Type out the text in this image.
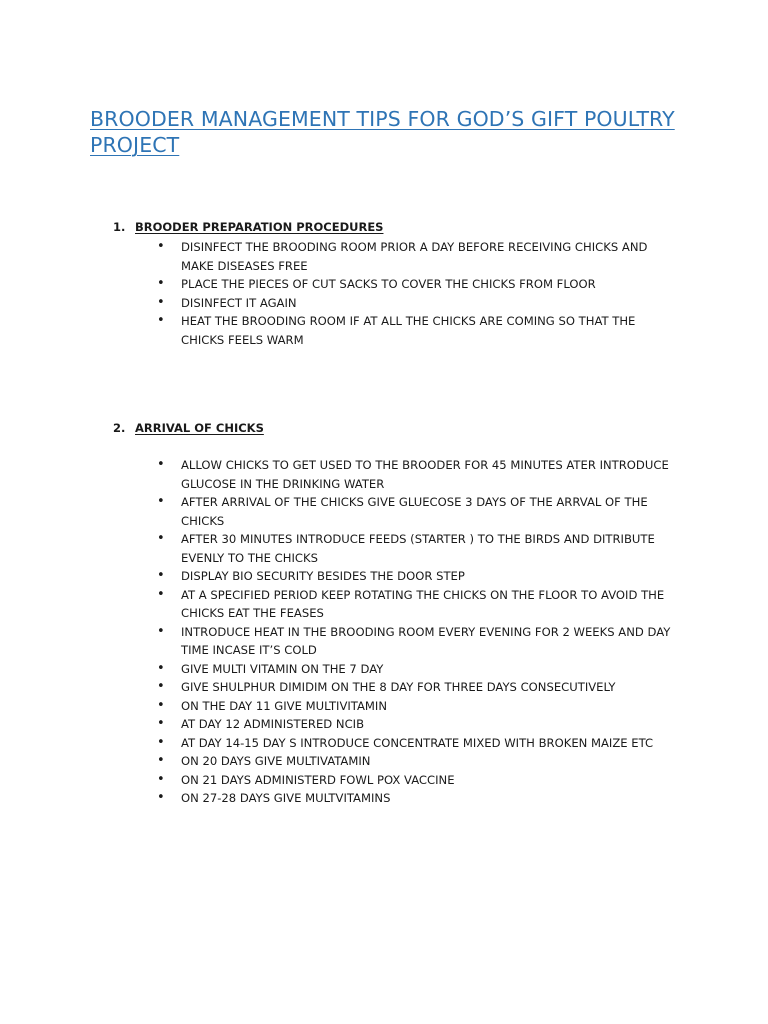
BROODER MANAGEMENT TIPS FOR GOD’S GIFT POULTRY PROJECT
1. BROODER PREPARATION PROCEDURES
• DISINFECT THE BROODING ROOM PRIOR A DAY BEFORE RECEIVING CHICKS AND MAKE DISEASES FREE
• PLACE THE PIECES OF CUT SACKS TO COVER THE CHICKS FROM FLOOR
• DISINFECT IT AGAIN
• HEAT THE BROODING ROOM IF AT ALL THE CHICKS ARE COMING SO THAT THE CHICKS FEELS WARM
2. ARRIVAL OF CHICKS
• ALLOW CHICKS TO GET USED TO THE BROODER FOR 45 MINUTES ATER INTRODUCE GLUCOSE IN THE DRINKING WATER
• AFTER ARRIVAL OF THE CHICKS GIVE GLUECOSE 3 DAYS OF THE ARRVAL OF THE CHICKS
• AFTER 30 MINUTES INTRODUCE FEEDS (STARTER ) TO THE BIRDS AND DITRIBUTE EVENLY TO THE CHICKS
• DISPLAY BIO SECURITY BESIDES THE DOOR STEP
• AT A SPECIFIED PERIOD KEEP ROTATING THE CHICKS ON THE FLOOR TO AVOID THE CHICKS EAT THE FEASES
• INTRODUCE HEAT IN THE BROODING ROOM EVERY EVENING FOR 2 WEEKS AND DAY TIME INCASE IT’S COLD
• GIVE MULTI VITAMIN ON THE 7 DAY
• GIVE SHULPHUR DIMIDIM ON THE 8 DAY FOR THREE DAYS CONSECUTIVELY
• ON THE DAY 11 GIVE MULTIVITAMIN
• AT DAY 12 ADMINISTERED NCIB
• AT DAY 14-15 DAY S INTRODUCE CONCENTRATE MIXED WITH BROKEN MAIZE ETC
• ON 20 DAYS GIVE MULTIVATAMIN
• ON 21 DAYS ADMINISTERD FOWL POX VACCINE
• ON 27-28 DAYS GIVE MULTVITAMINS
